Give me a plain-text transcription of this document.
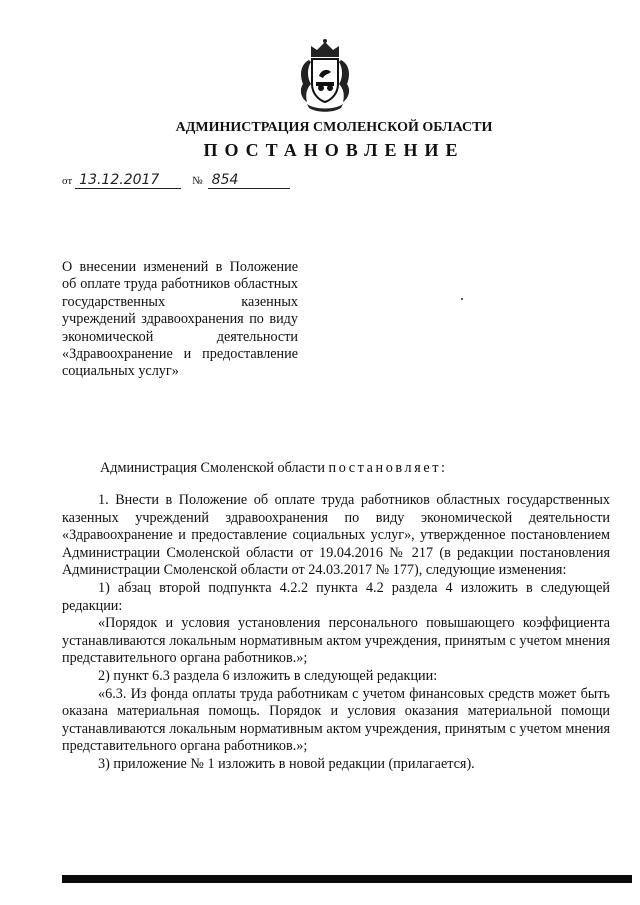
АДМИНИСТРАЦИЯ СМОЛЕНСКОЙ ОБЛАСТИ
ПОСТАНОВЛЕНИЕ
от 13.12.2017	№ 854
О внесении изменений в Положение об оплате труда работников областных государственных казенных учреждений здравоохранения по виду экономической деятельности «Здравоохранение и предоставление социальных услуг»
Администрация Смоленской области постановляет:

1. Внести в Положение об оплате труда работников областных государственных казенных учреждений здравоохранения по виду экономической деятельности «Здравоохранение и предоставление социальных услуг», утвержденное постановлением Администрации Смоленской области от 19.04.2016 № 217 (в редакции постановления Администрации Смоленской области от 24.03.2017 № 177), следующие изменения:

1) абзац второй подпункта 4.2.2 пункта 4.2 раздела 4 изложить в следующей редакции:

«Порядок и условия установления персонального повышающего коэффициента устанавливаются локальным нормативным актом учреждения, принятым с учетом мнения представительного органа работников.»;

2) пункт 6.3 раздела 6 изложить в следующей редакции:

«6.3. Из фонда оплаты труда работникам с учетом финансовых средств может быть оказана материальная помощь. Порядок и условия оказания материальной помощи устанавливаются локальным нормативным актом учреждения, принятым с учетом мнения представительного органа работников.»;

3) приложение № 1 изложить в новой редакции (прилагается).
